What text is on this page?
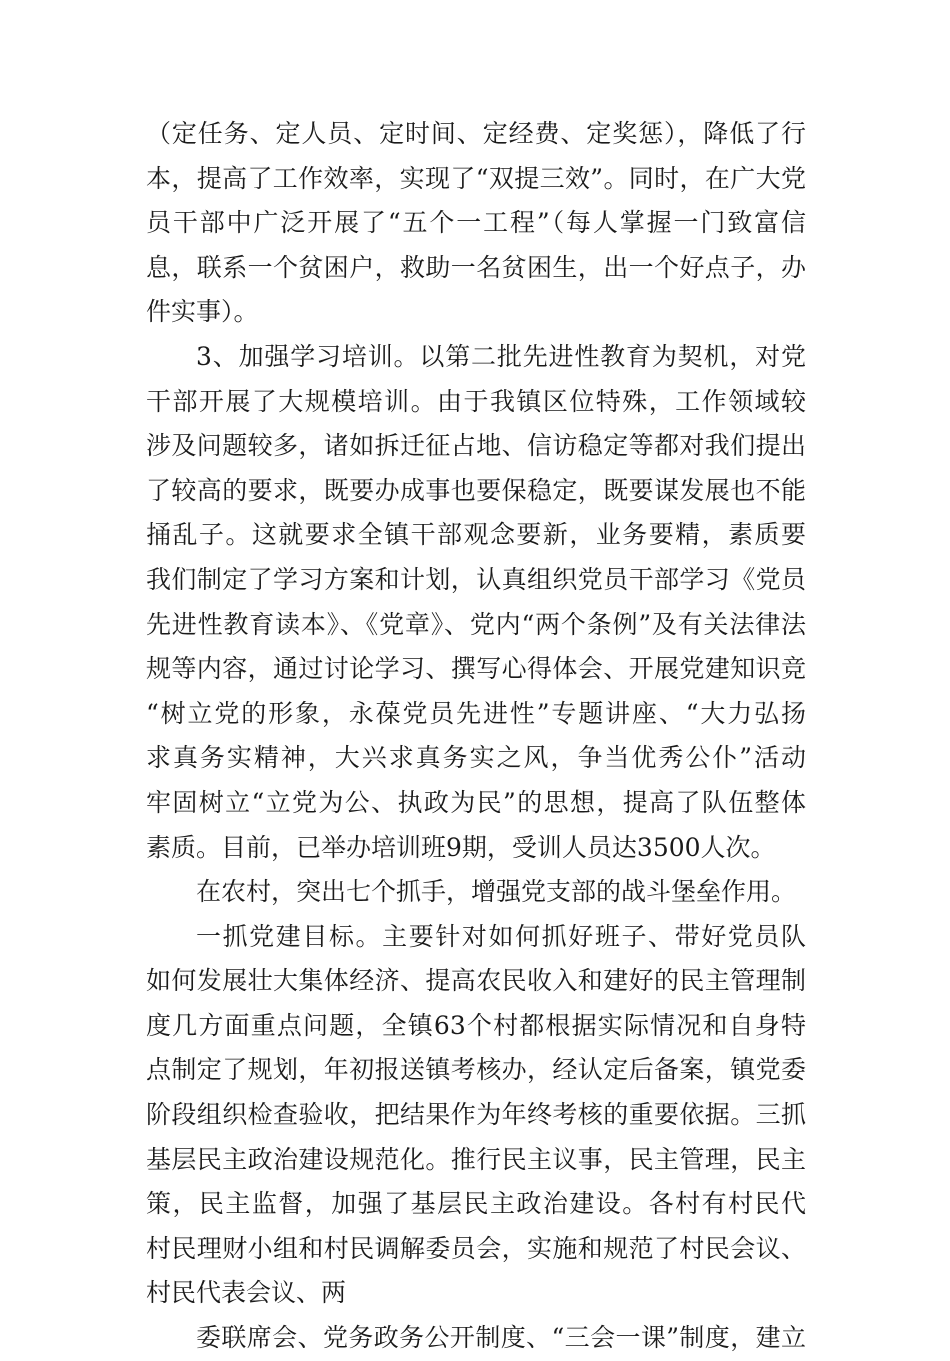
（定任务、定人员、定时间、定经费、定奖惩），降低了行
本，提高了工作效率，实现了“双提三效”。同时，在广大党
员干部中广泛开展了“五个一工程”（每人掌握一门致富信
息，联系一个贫困户，救助一名贫困生，出一个好点子，办
件实事）。
3、加强学习培训。以第二批先进性教育为契机，对党
干部开展了大规模培训。由于我镇区位特殊，工作领域较
涉及问题较多，诸如拆迁征占地、信访稳定等都对我们提出
了较高的要求，既要办成事也要保稳定，既要谋发展也不能
捅乱子。这就要求全镇干部观念要新，业务要精，素质要
我们制定了学习方案和计划，认真组织党员干部学习《党员
先进性教育读本》、《党章》、党内“两个条例”及有关法律法
规等内容，通过讨论学习、撰写心得体会、开展党建知识竞
“树立党的形象，永葆党员先进性”专题讲座、“大力弘扬
求真务实精神，大兴求真务实之风，争当优秀公仆”活动
牢固树立“立党为公、执政为民”的思想，提高了队伍整体
素质。目前，已举办培训班9期，受训人员达3500人次。
在农村，突出七个抓手，增强党支部的战斗堡垒作用。
一抓党建目标。主要针对如何抓好班子、带好党员队
如何发展壮大集体经济、提高农民收入和建好的民主管理制
度几方面重点问题，全镇63个村都根据实际情况和自身特
点制定了规划，年初报送镇考核办，经认定后备案，镇党委
阶段组织检查验收，把结果作为年终考核的重要依据。三抓
基层民主政治建设规范化。推行民主议事，民主管理，民主
策，民主监督，加强了基层民主政治建设。各村有村民代
村民理财小组和村民调解委员会，实施和规范了村民会议、
村民代表会议、两
委联席会、党务政务公开制度、“三会一课”制度，建立
